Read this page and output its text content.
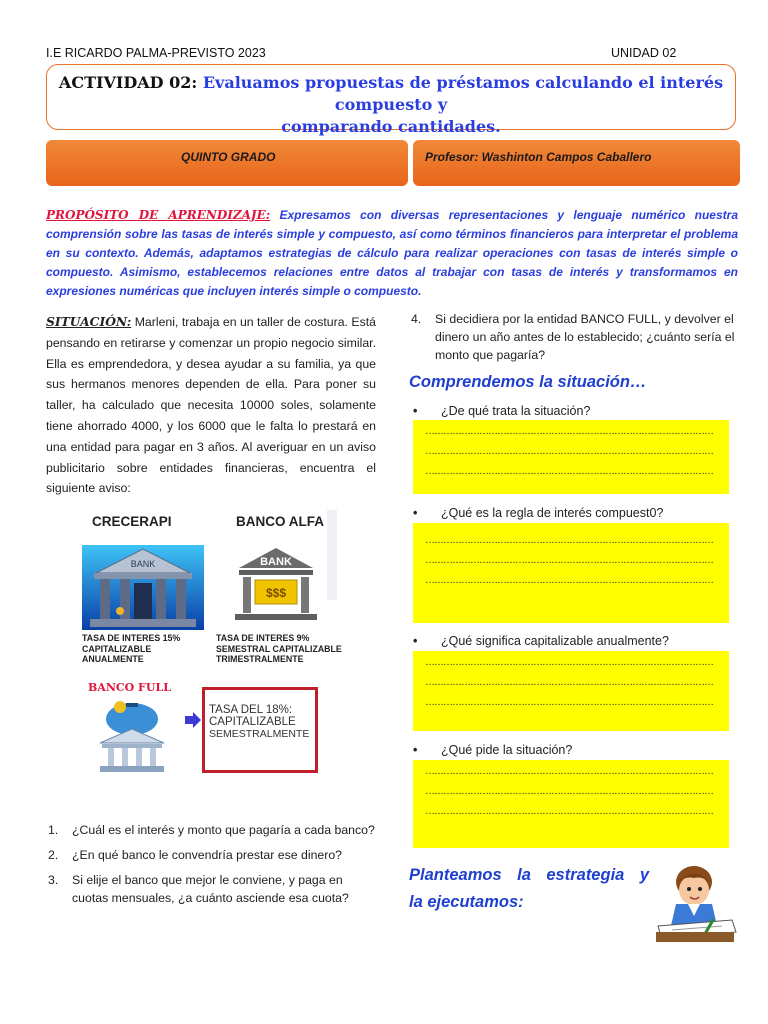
I.E RICARDO PALMA-PREVISTO 2023	UNIDAD 02
ACTIVIDAD 02: Evaluamos propuestas de préstamos calculando el interés compuesto y
comparando cantidades.
QUINTO GRADO	Profesor: Washinton Campos Caballero
PROPÓSITO DE APRENDIZAJE: Expresamos con diversas representaciones y lenguaje numérico nuestra comprensión sobre las tasas de interés simple y compuesto, así como términos financieros para interpretar el problema en su contexto. Además, adaptamos estrategias de cálculo para realizar operaciones con tasas de interés simple o compuesto. Asimismo, establecemos relaciones entre datos al trabajar con tasas de interés y transformamos en expresiones numéricas que incluyen interés simple o compuesto.
SITUACIÓN: Marleni, trabaja en un taller de costura. Está pensando en retirarse y comenzar un propio negocio similar. Ella es emprendedora, y desea ayudar a su familia, ya que sus hermanos menores dependen de ella. Para poner su taller, ha calculado que necesita 10000 soles, solamente tiene ahorrado 4000, y los 6000 que le falta lo prestará en una entidad para pagar en 3 años. Al averiguar en un aviso publicitario sobre entidades financieras, encuentra el siguiente aviso:
CRECERAPI	BANCO ALFA
BANK	BANK
$$$
TASA DE INTERES 15% CAPITALIZABLE ANUALMENTE
TASA DE INTERES 9% SEMESTRAL CAPITALIZABLE TRIMESTRALMENTE
BANCO FULL
TASA DEL 18%:
CAPITALIZABLE
SEMESTRALMENTE
1. ¿Cuál es el interés y monto que pagaría a cada banco?
2. ¿En qué banco le convendría prestar ese dinero?
3. Si elije el banco que mejor le conviene, y paga en cuotas mensuales, ¿a cuánto asciende esa cuota?
4. Si decidiera por la entidad BANCO FULL, y devolver el dinero un año antes de lo establecido; ¿cuánto sería el monto que pagaría?
Comprendemos la situación…
• ¿De qué trata la situación?
……………………………………………………………………………………
……………………………………………………………………………………
……………………………………………………………………………………
• ¿Qué es la regla de interés compuest0?
……………………………………………………………………………………
……………………………………………………………………………………
……………………………………………………………………………………
• ¿Qué significa capitalizable anualmente?
……………………………………………………………………………………
……………………………………………………………………………………
……………………………………………………………………………………
• ¿Qué pide la situación?
……………………………………………………………………………………
……………………………………………………………………………………
……………………………………………………………………………………
Planteamos la estrategia y
la ejecutamos:
